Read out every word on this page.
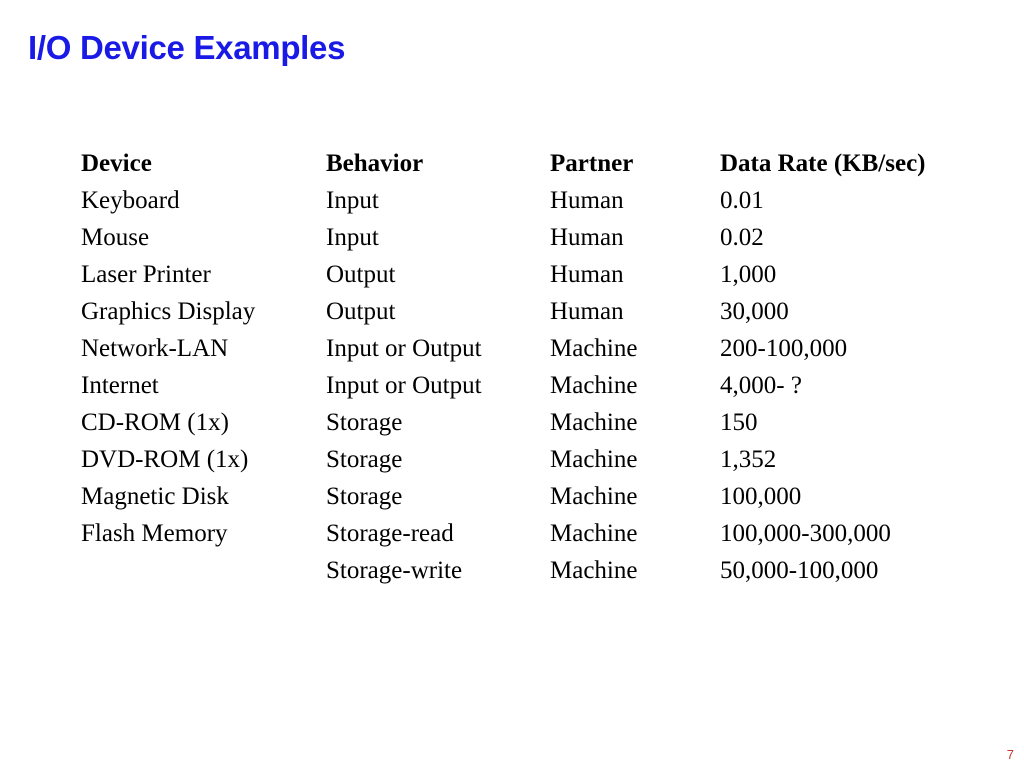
I/O Device Examples
Device	Behavior	Partner	Data Rate (KB/sec)
Keyboard	Input	Human	0.01
Mouse	Input	Human	0.02
Laser Printer	Output	Human	1,000
Graphics Display	Output	Human	30,000
Network-LAN	Input or Output	Machine	200-100,000
Internet	Input or Output	Machine	4,000- ?
CD-ROM (1x)	Storage	Machine	150
DVD-ROM (1x)	Storage	Machine	1,352
Magnetic Disk	Storage	Machine	100,000
Flash Memory	Storage-read	Machine	100,000-300,000
	Storage-write	Machine	50,000-100,000
7
